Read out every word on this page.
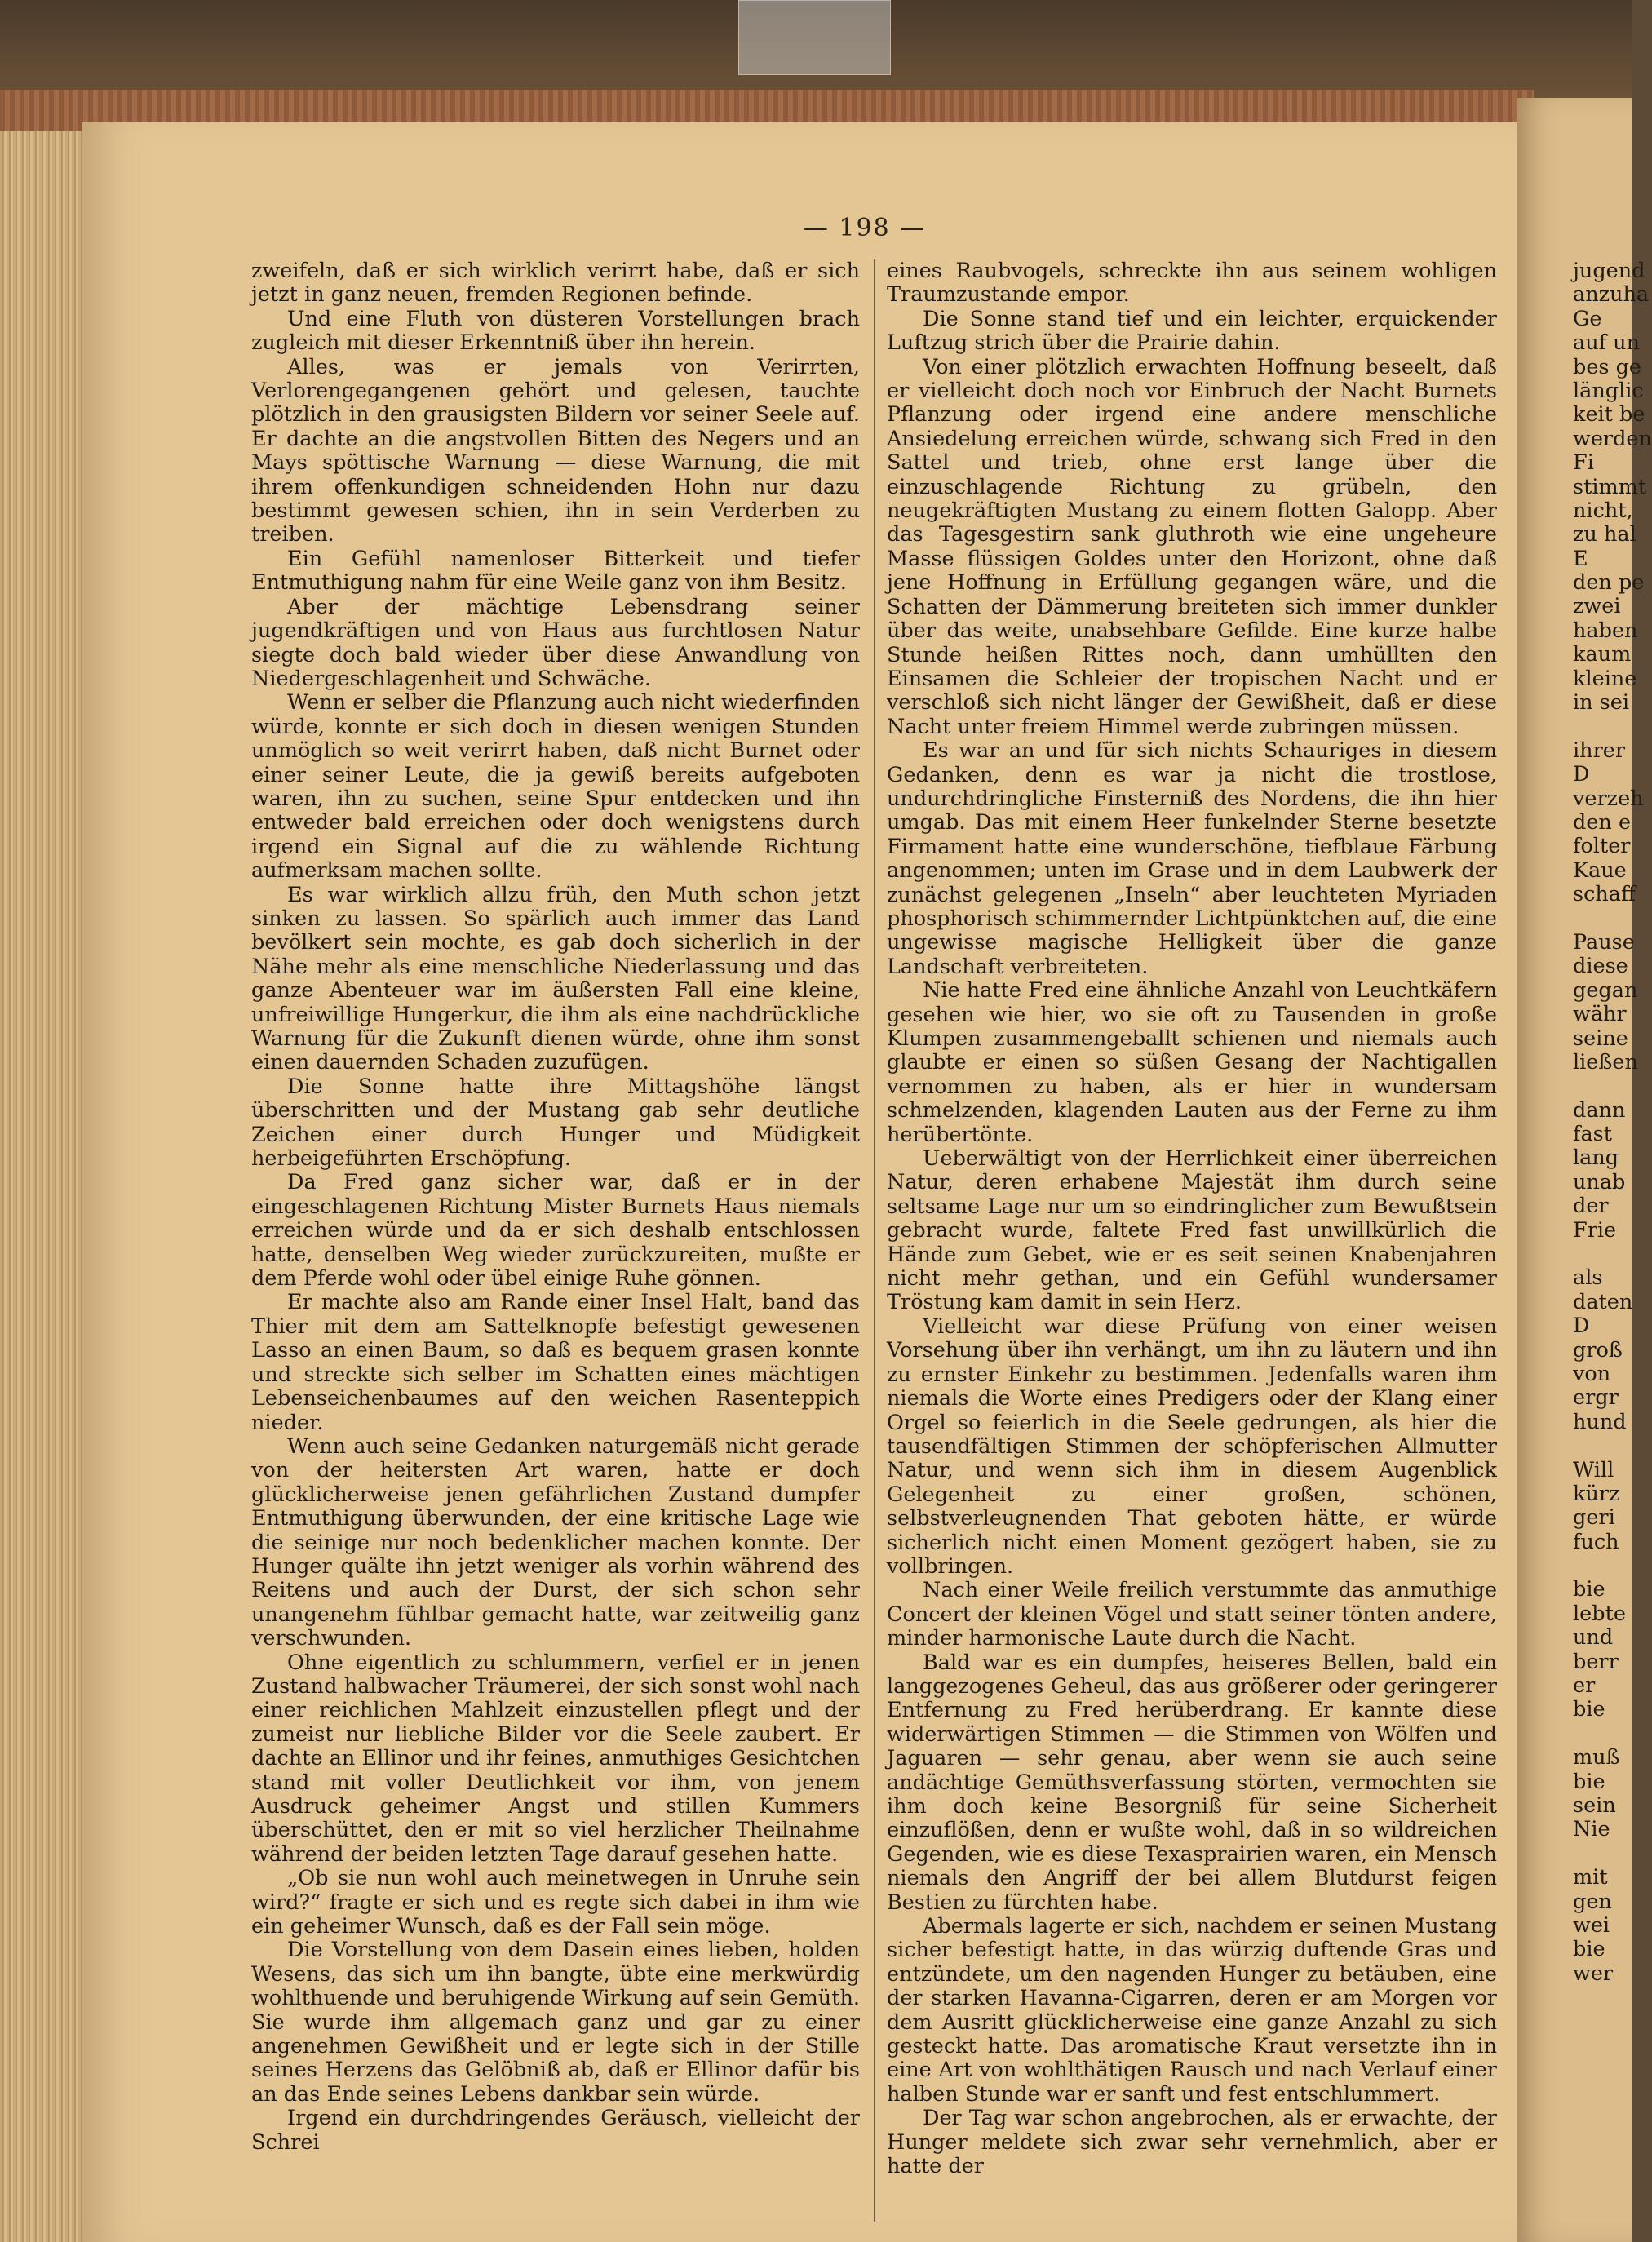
— 198 —

zweifeln, daß er sich wirklich verirrt habe, daß er sich jetzt in ganz neuen, fremden Regionen befinde.

Und eine Fluth von düsteren Vorstellungen brach zugleich mit dieser Erkenntniß über ihn herein.

Alles, was er jemals von Verirrten, Verlorengegangenen gehört und gelesen, tauchte plötzlich in den grausigsten Bildern vor seiner Seele auf. Er dachte an die angstvollen Bitten des Negers und an Mays spöttische Warnung — diese Warnung, die mit ihrem offenkundigen schneidenden Hohn nur dazu bestimmt gewesen schien, ihn in sein Verderben zu treiben.

Ein Gefühl namenloser Bitterkeit und tiefer Entmuthigung nahm für eine Weile ganz von ihm Besitz.

Aber der mächtige Lebensdrang seiner jugendkräftigen und von Haus aus furchtlosen Natur siegte doch bald wieder über diese Anwandlung von Niedergeschlagenheit und Schwäche.

Wenn er selber die Pflanzung auch nicht wiederfinden würde, konnte er sich doch in diesen wenigen Stunden unmöglich so weit verirrt haben, daß nicht Burnet oder einer seiner Leute, die ja gewiß bereits aufgeboten waren, ihn zu suchen, seine Spur entdecken und ihn entweder bald erreichen oder doch wenigstens durch irgend ein Signal auf die zu wählende Richtung aufmerksam machen sollte.

Es war wirklich allzu früh, den Muth schon jetzt sinken zu lassen. So spärlich auch immer das Land bevölkert sein mochte, es gab doch sicherlich in der Nähe mehr als eine menschliche Niederlassung und das ganze Abenteuer war im äußersten Fall eine kleine, unfreiwillige Hungerkur, die ihm als eine nachdrückliche Warnung für die Zukunft dienen würde, ohne ihm sonst einen dauernden Schaden zuzufügen.

Die Sonne hatte ihre Mittagshöhe längst überschritten und der Mustang gab sehr deutliche Zeichen einer durch Hunger und Müdigkeit herbeigeführten Erschöpfung.

Da Fred ganz sicher war, daß er in der eingeschlagenen Richtung Mister Burnets Haus niemals erreichen würde und da er sich deshalb entschlossen hatte, denselben Weg wieder zurückzureiten, mußte er dem Pferde wohl oder übel einige Ruhe gönnen.

Er machte also am Rande einer Insel Halt, band das Thier mit dem am Sattelknopfe befestigt gewesenen Lasso an einen Baum, so daß es bequem grasen konnte und streckte sich selber im Schatten eines mächtigen Lebenseichenbaumes auf den weichen Rasenteppich nieder.

Wenn auch seine Gedanken naturgemäß nicht gerade von der heitersten Art waren, hatte er doch glücklicherweise jenen gefährlichen Zustand dumpfer Entmuthigung überwunden, der eine kritische Lage wie die seinige nur noch bedenklicher machen konnte. Der Hunger quälte ihn jetzt weniger als vorhin während des Reitens und auch der Durst, der sich schon sehr unangenehm fühlbar gemacht hatte, war zeitweilig ganz verschwunden.

Ohne eigentlich zu schlummern, verfiel er in jenen Zustand halbwacher Träumerei, der sich sonst wohl nach einer reichlichen Mahlzeit einzustellen pflegt und der zumeist nur liebliche Bilder vor die Seele zaubert. Er dachte an Ellinor und ihr feines, anmuthiges Gesichtchen stand mit voller Deutlichkeit vor ihm, von jenem Ausdruck geheimer Angst und stillen Kummers überschüttet, den er mit so viel herzlicher Theilnahme während der beiden letzten Tage darauf gesehen hatte.

„Ob sie nun wohl auch meinetwegen in Unruhe sein wird?“ fragte er sich und es regte sich dabei in ihm wie ein geheimer Wunsch, daß es der Fall sein möge.

Die Vorstellung von dem Dasein eines lieben, holden Wesens, das sich um ihn bangte, übte eine merkwürdig wohlthuende und beruhigende Wirkung auf sein Gemüth. Sie wurde ihm allgemach ganz und gar zu einer angenehmen Gewißheit und er legte sich in der Stille seines Herzens das Gelöbniß ab, daß er Ellinor dafür bis an das Ende seines Lebens dankbar sein würde.

Irgend ein durchdringendes Geräusch, vielleicht der Schrei

eines Raubvogels, schreckte ihn aus seinem wohligen Traumzustande empor.

Die Sonne stand tief und ein leichter, erquickender Luftzug strich über die Prairie dahin.

Von einer plötzlich erwachten Hoffnung beseelt, daß er vielleicht doch noch vor Einbruch der Nacht Burnets Pflanzung oder irgend eine andere menschliche Ansiedelung erreichen würde, schwang sich Fred in den Sattel und trieb, ohne erst lange über die einzuschlagende Richtung zu grübeln, den neugekräftigten Mustang zu einem flotten Galopp. Aber das Tagesgestirn sank gluthroth wie eine ungeheure Masse flüssigen Goldes unter den Horizont, ohne daß jene Hoffnung in Erfüllung gegangen wäre, und die Schatten der Dämmerung breiteten sich immer dunkler über das weite, unabsehbare Gefilde. Eine kurze halbe Stunde heißen Rittes noch, dann umhüllten den Einsamen die Schleier der tropischen Nacht und er verschloß sich nicht länger der Gewißheit, daß er diese Nacht unter freiem Himmel werde zubringen müssen.

Es war an und für sich nichts Schauriges in diesem Gedanken, denn es war ja nicht die trostlose, undurchdringliche Finsterniß des Nordens, die ihn hier umgab. Das mit einem Heer funkelnder Sterne besetzte Firmament hatte eine wunderschöne, tiefblaue Färbung angenommen; unten im Grase und in dem Laubwerk der zunächst gelegenen „Inseln“ aber leuchteten Myriaden phosphorisch schimmernder Lichtpünktchen auf, die eine ungewisse magische Helligkeit über die ganze Landschaft verbreiteten.

Nie hatte Fred eine ähnliche Anzahl von Leuchtkäfern gesehen wie hier, wo sie oft zu Tausenden in große Klumpen zusammengeballt schienen und niemals auch glaubte er einen so süßen Gesang der Nachtigallen vernommen zu haben, als er hier in wundersam schmelzenden, klagenden Lauten aus der Ferne zu ihm herübertönte.

Ueberwältigt von der Herrlichkeit einer überreichen Natur, deren erhabene Majestät ihm durch seine seltsame Lage nur um so eindringlicher zum Bewußtsein gebracht wurde, faltete Fred fast unwillkürlich die Hände zum Gebet, wie er es seit seinen Knabenjahren nicht mehr gethan, und ein Gefühl wundersamer Tröstung kam damit in sein Herz.

Vielleicht war diese Prüfung von einer weisen Vorsehung über ihn verhängt, um ihn zu läutern und ihn zu ernster Einkehr zu bestimmen. Jedenfalls waren ihm niemals die Worte eines Predigers oder der Klang einer Orgel so feierlich in die Seele gedrungen, als hier die tausendfältigen Stimmen der schöpferischen Allmutter Natur, und wenn sich ihm in diesem Augenblick Gelegenheit zu einer großen, schönen, selbstverleugnenden That geboten hätte, er würde sicherlich nicht einen Moment gezögert haben, sie zu vollbringen.

Nach einer Weile freilich verstummte das anmuthige Concert der kleinen Vögel und statt seiner tönten andere, minder harmonische Laute durch die Nacht.

Bald war es ein dumpfes, heiseres Bellen, bald ein langgezogenes Geheul, das aus größerer oder geringerer Entfernung zu Fred herüberdrang. Er kannte diese widerwärtigen Stimmen — die Stimmen von Wölfen und Jaguaren — sehr genau, aber wenn sie auch seine andächtige Gemüthsverfassung störten, vermochten sie ihm doch keine Besorgniß für seine Sicherheit einzuflößen, denn er wußte wohl, daß in so wildreichen Gegenden, wie es diese Texasprairien waren, ein Mensch niemals den Angriff der bei allem Blutdurst feigen Bestien zu fürchten habe.

Abermals lagerte er sich, nachdem er seinen Mustang sicher befestigt hatte, in das würzig duftende Gras und entzündete, um den nagenden Hunger zu betäuben, eine der starken Havanna-Cigarren, deren er am Morgen vor dem Ausritt glücklicherweise eine ganze Anzahl zu sich gesteckt hatte. Das aromatische Kraut versetzte ihn in eine Art von wohlthätigen Rausch und nach Verlauf einer halben Stunde war er sanft und fest entschlummert.

Der Tag war schon angebrochen, als er erwachte, der Hunger meldete sich zwar sehr vernehmlich, aber er hatte der

jugend
anzuha
Ge
auf un
bes ge
länglic
keit be
werden
Fi
stimmt
nicht,
zu hal
E
den pe
zwei
haben
kaum
kleine
in sei
ihrer
D
verzeh
den e
folter
Kaue
schaff
Pause
diese
gegan
währ
seine
ließen
dann
fast
lang
unab
der
Frie
als
daten
D
groß
von
ergr
hund
Will
kürz
geri
fuch
bie
lebte
und
berr
er
bie
muß
bie
sein
Nie
mit
gen
wei
bie
wer
